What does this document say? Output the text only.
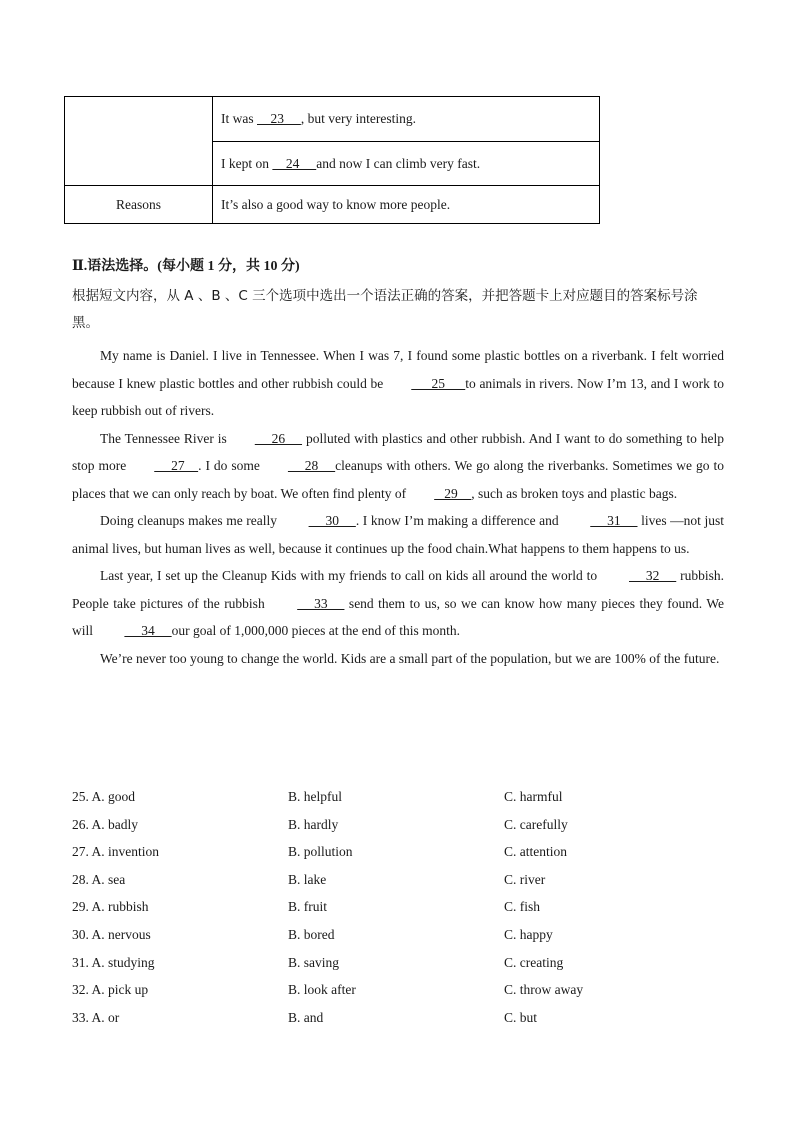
	It was     23     , but very interesting.
	I kept on     24     and now I can climb very fast.
Reasons	It’s also a good way to know more people.
Ⅱ.语法选择。(每小题 1 分，共 10 分)
根据短文内容，从 A 、B 、C 三个选项中选出一个语法正确的答案，并把答题卡上对应题目的答案标号涂黑。

My name is Daniel. I live in Tennessee. When I was 7, I found some plastic bottles on a riverbank. I felt worried because I knew plastic bottles and other rubbish could be      25      to animals in rivers. Now I’m 13, and I work to keep rubbish out of rivers.

The Tennessee River is     26      polluted with plastics and other rubbish. And I want to do something to help stop more     27    . I do some     28     cleanups with others. We go along the riverbanks. Sometimes we go to places that we can only reach by boat. We often find plenty of   29    , such as broken toys and plastic bags.

Doing cleanups makes me really      30     . I know I’m making a difference and      31      lives —not just animal lives, but human lives as well, because it continues up the food chain.What happens to them happens to us.

Last year, I set up the Cleanup Kids with my friends to call on kids all around the world to      32      rubbish. People take pictures of the rubbish      33      send them to us, so we can know how many pieces they found. We will      34     our goal of 1,000,000 pieces at the end of this month.

We’re never too young to change the world. Kids are a small part of the population, but we are 100% of the future.

25. A. good	B. helpful	C. harmful
26. A. badly	B. hardly	C. carefully
27. A. invention	B. pollution	C. attention
28. A. sea	B. lake	C. river
29. A. rubbish	B. fruit	C. fish
30. A. nervous	B. bored	C. happy
31. A. studying	B. saving	C. creating
32. A. pick up	B. look after	C. throw away
33. A. or	B. and	C. but
